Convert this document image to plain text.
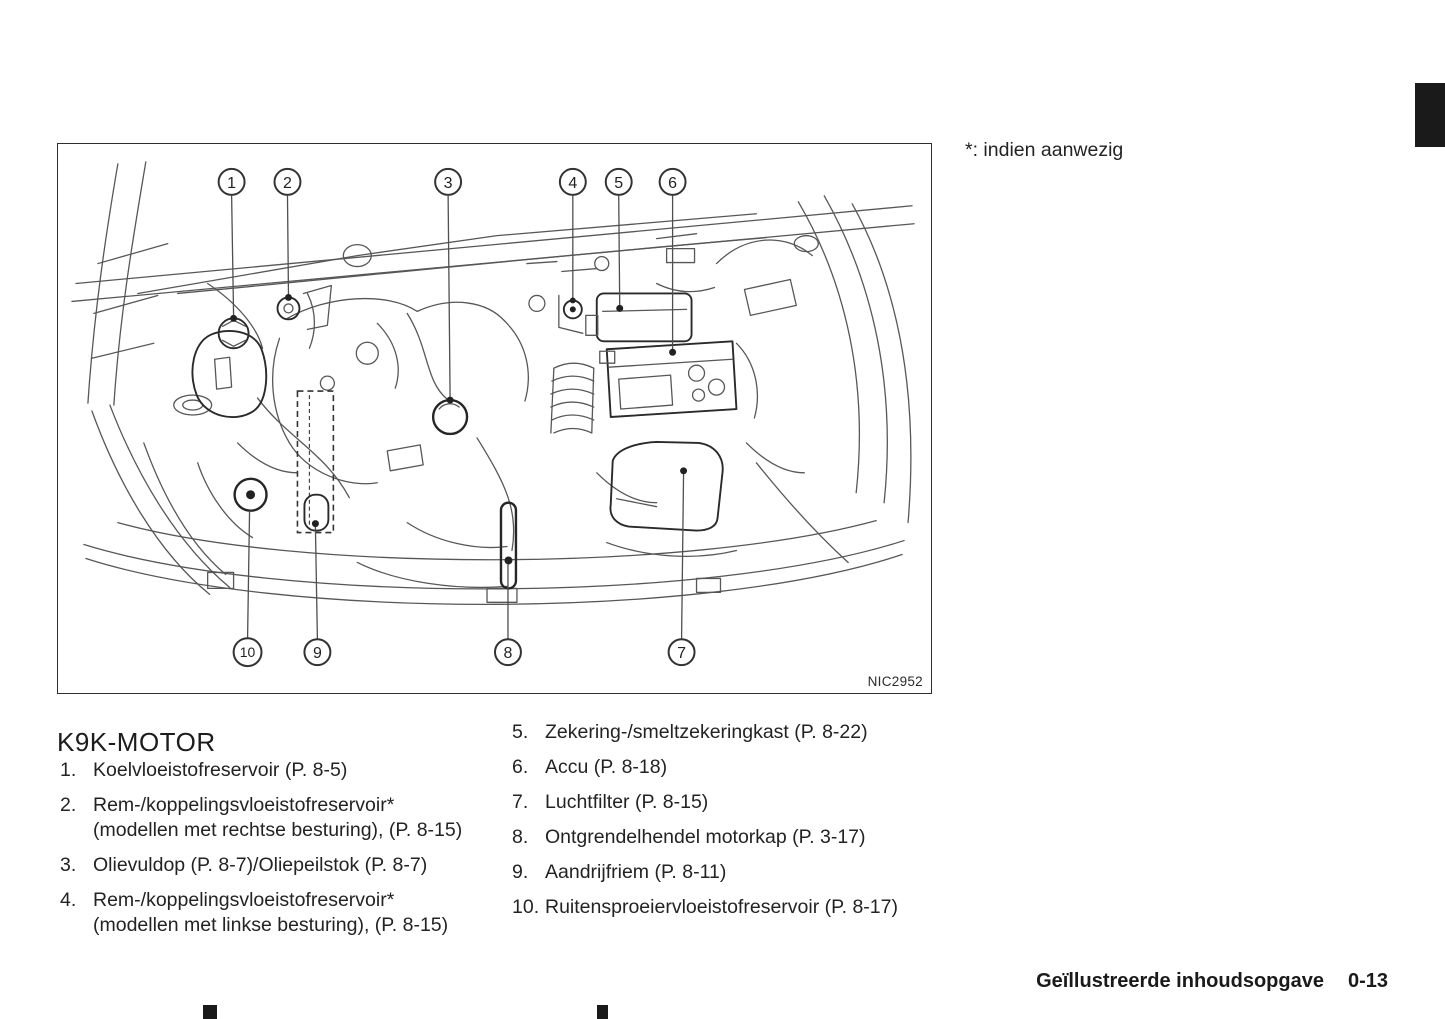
*: indien aanwezig
1	2	3	4 5	6
7
8
9
10
NIC2952
K9K-MOTOR
1. Koelvloeistofreservoir (P. 8-5)
2. Rem-/koppelingsvloeistofreservoir* (modellen met rechtse besturing), (P. 8-15)
3. Olievuldop (P. 8-7)/Oliepeilstok (P. 8-7)
4. Rem-/koppelingsvloeistofreservoir* (modellen met linkse besturing), (P. 8-15)
5. Zekering-/smeltzekeringkast (P. 8-22)
6. Accu (P. 8-18)
7. Luchtfilter (P. 8-15)
8. Ontgrendelhendel motorkap (P. 3-17)
9. Aandrijfriem (P. 8-11)
10. Ruitensproeiervloeistofreservoir (P. 8-17)
Geïllustreerde inhoudsopgave 0-13
